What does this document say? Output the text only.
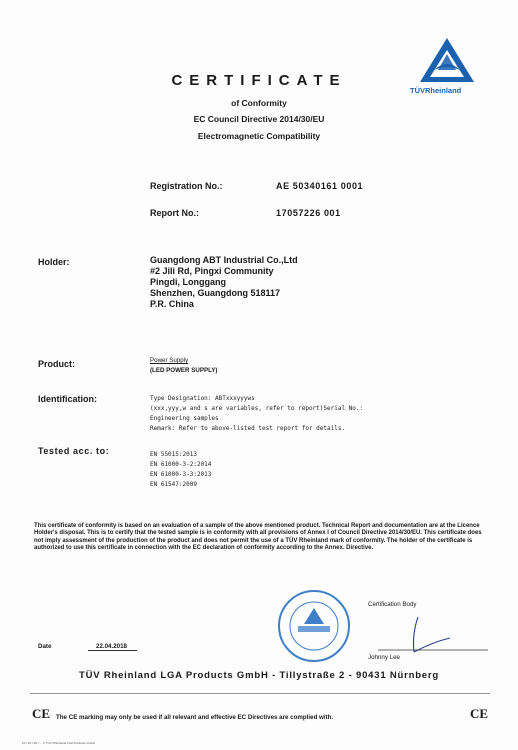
TÜVRheinland
CERTIFICATE
of Conformity
EC Council Directive 2014/30/EU
Electromagnetic Compatibility
Registration No.:	AE 50340161 0001
Report No.:	17057226 001
Holder:	Guangdong ABT Industrial Co.,Ltd
#2 Jili Rd, Pingxi Community
Pingdi, Longgang
Shenzhen, Guangdong 518117
P.R. China
Product:	Power Supply
(LED POWER SUPPLY)
Identification:	Type Designation: ABTxxxyyyws
(xxx,yyy,w and s are variables, refer to report)Serial No.:
Engineering samples
Remark: Refer to above-listed test report for details.
Tested acc. to:	EN 55015:2013
EN 61000-3-2:2014
EN 61000-3-3:2013
EN 61547:2009
This certificate of conformity is based on an evaluation of a sample of the above mentioned product. Technical Report and documentation are at the Licence Holder's disposal. This is to certify that the tested sample is in conformity with all provisions of Annex I of Council Directive 2014/30/EU. This certificate does not imply assessment of the production of the product and does not permit the use of a TÜV Rheinland mark of conformity. The holder of the certificate is authorized to use this certificate in connection with the EC declaration of conformity according to the Annex. Directive.
Certification Body
Johnny Lee
Date	22.04.2018
TÜV Rheinland LGA Products GmbH - Tillystraße 2 - 90431 Nürnberg
CE The CE marking may only be used if all relevant and effective EC Directives are complied with.	CE
10 / 01 / 08 / ... © TÜV Rheinland LGA Products GmbH
